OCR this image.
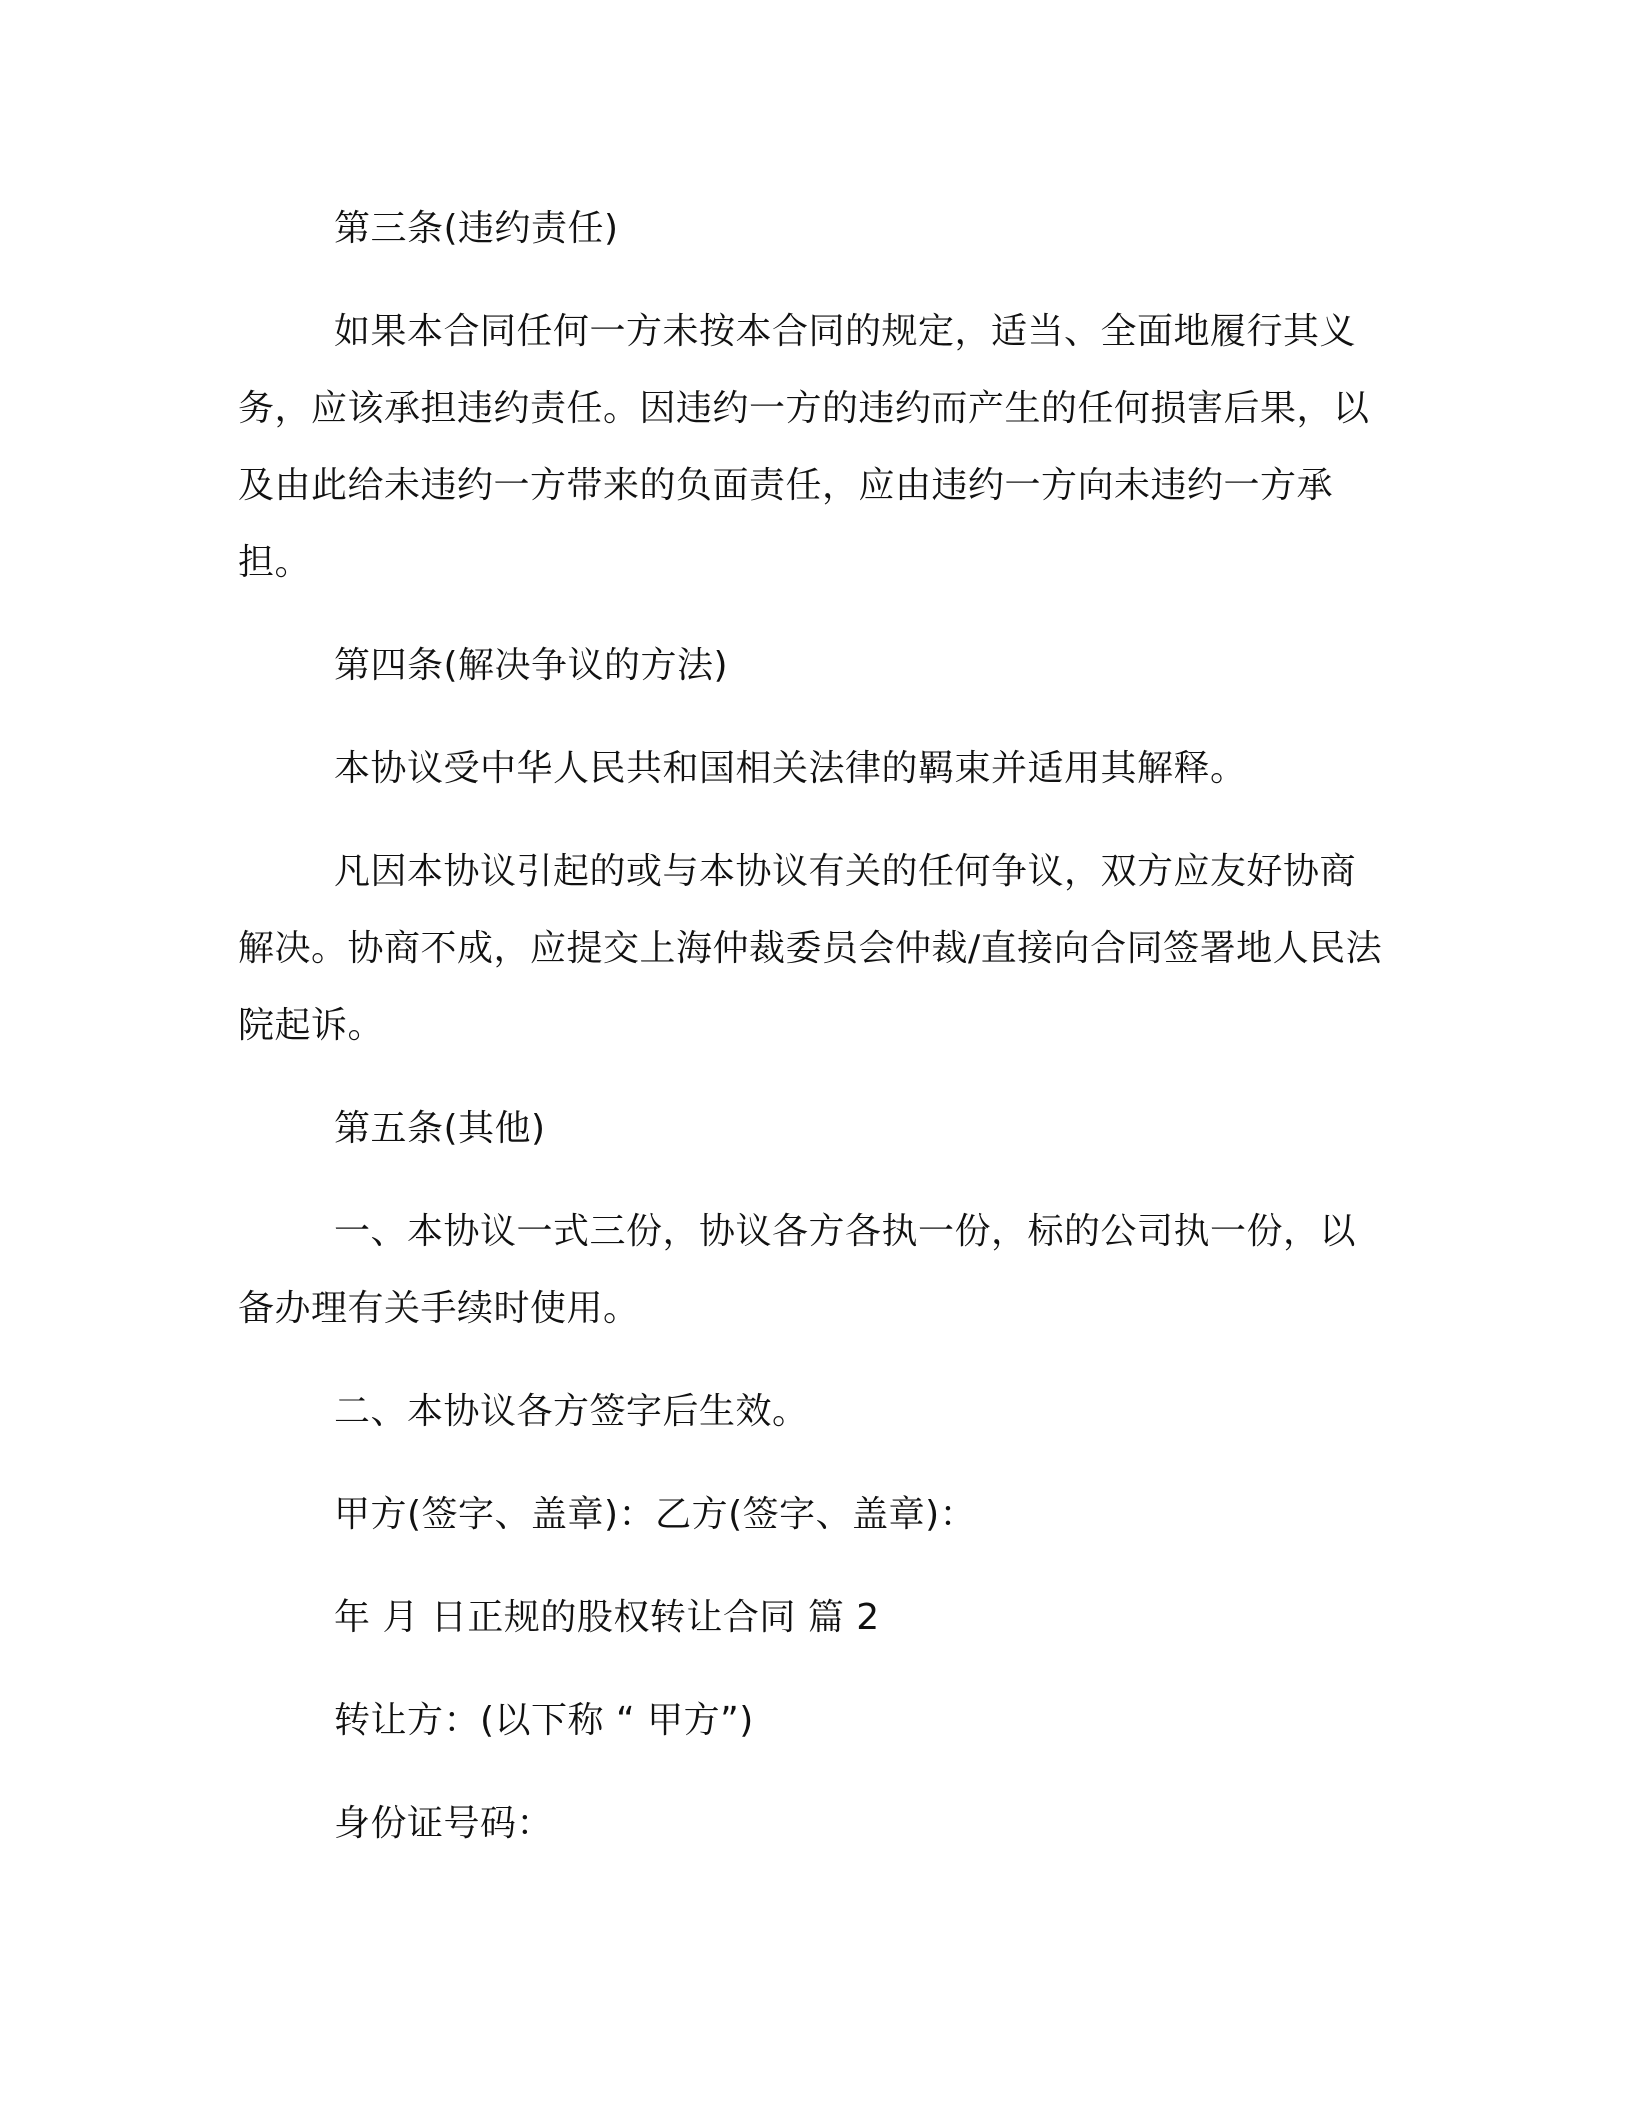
第三条(违约责任)

如果本合同任何一方未按本合同的规定，适当、全面地履行其义务，应该承担违约责任。因违约一方的违约而产生的任何损害后果，以及由此给未违约一方带来的负面责任，应由违约一方向未违约一方承担。

第四条(解决争议的方法)

本协议受中华人民共和国相关法律的羁束并适用其解释。

凡因本协议引起的或与本协议有关的任何争议，双方应友好协商解决。协商不成，应提交上海仲裁委员会仲裁/直接向合同签署地人民法院起诉。

第五条(其他)

一、本协议一式三份，协议各方各执一份，标的公司执一份，以备办理有关手续时使用。

二、本协议各方签字后生效。

甲方(签字、盖章)：乙方(签字、盖章)：

年 月 日正规的股权转让合同 篇 2

转让方：(以下称 “ 甲方”)

身份证号码：
